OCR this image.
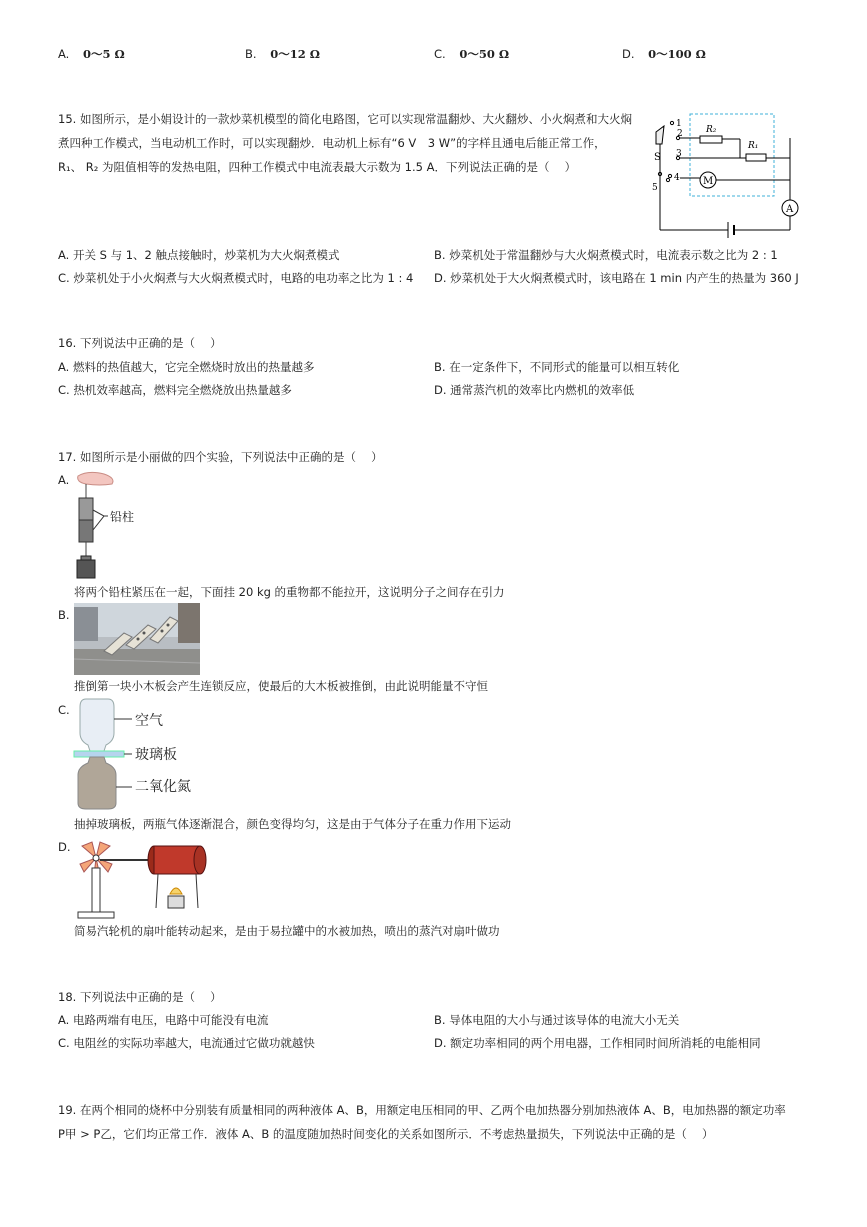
A. 0～5 Ω	B. 0～12 Ω	C. 0～50 Ω	D. 0～100 Ω
15. 如图所示，是小娟设计的一款炒菜机模型的简化电路图，它可以实现常温翻炒、大火翻炒、小火焖煮和大火焖
煮四种工作模式，当电动机工作时，可以实现翻炒．电动机上标有“6 V　3 W”的字样且通电后能正常工作，
R₁、 R₂ 为阻值相等的发热电阻，四种工作模式中电流表最大示数为 1.5 A．下列说法正确的是（　 ）
A
S
1
2	R₂
3
R₁
5
4 M
A. 开关 S 与 1、2 触点接触时，炒菜机为大火焖煮模式	B. 炒菜机处于常温翻炒与大火焖煮模式时，电流表示数之比为 2 : 1
C. 炒菜机处于小火焖煮与大火焖煮模式时，电路的电功率之比为 1 : 4 D. 炒菜机处于大火焖煮模式时，该电路在 1 min 内产生的热量为 360 J
16. 下列说法中正确的是（　 ）
A. 燃料的热值越大，它完全燃烧时放出的热量越多	B. 在一定条件下，不同形式的能量可以相互转化
C. 热机效率越高，燃料完全燃烧放出热量越多	D. 通常蒸汽机的效率比内燃机的效率低
17. 如图所示是小丽做的四个实验，下列说法中正确的是（　 ）
A.
铅柱
将两个铅柱紧压在一起，下面挂 20 kg 的重物都不能拉开，这说明分子之间存在引力
B.
推倒第一块小木板会产生连锁反应，使最后的大木板被推倒，由此说明能量不守恒
C.
空气
玻璃板
二氧化氮
抽掉玻璃板，两瓶气体逐渐混合，颜色变得均匀，这是由于气体分子在重力作用下运动
D.
简易汽轮机的扇叶能转动起来，是由于易拉罐中的水被加热，喷出的蒸汽对扇叶做功
18. 下列说法中正确的是（　 ）
A. 电路两端有电压，电路中可能没有电流	B. 导体电阻的大小与通过该导体的电流大小无关
C. 电阻丝的实际功率越大，电流通过它做功就越快	D. 额定功率相同的两个用电器，工作相同时间所消耗的电能相同
19. 在两个相同的烧杯中分别装有质量相同的两种液体 A、B，用额定电压相同的甲、乙两个电加热器分别加热液体 A、B，电加热器的额定功率
P甲 > P乙，它们均正常工作．液体 A、B 的温度随加热时间变化的关系如图所示．不考虑热量损失，下列说法中正确的是（　 ）
